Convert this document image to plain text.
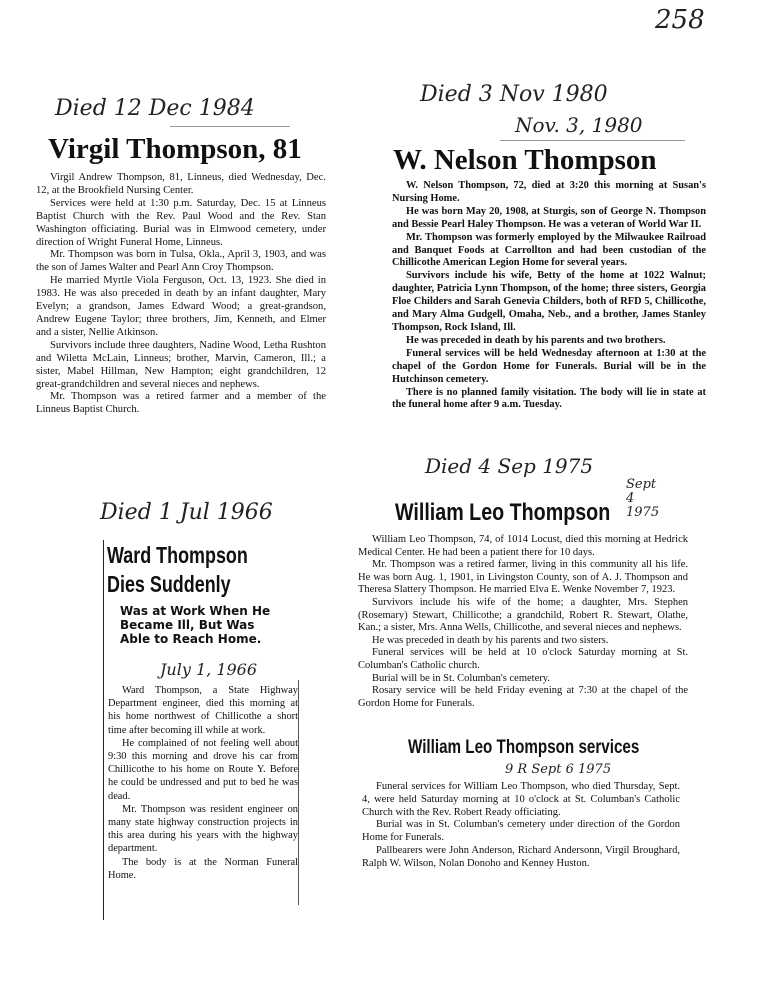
258
Died 12 Dec 1984
Virgil Thompson, 81

Virgil Andrew Thompson, 81, Linneus, died Wednesday, Dec. 12, at the Brookfield Nursing Center.

Services were held at 1:30 p.m. Saturday, Dec. 15 at Linneus Baptist Church with the Rev. Paul Wood and the Rev. Stan Washington officiating. Burial was in Elmwood cemetery, under direction of Wright Funeral Home, Linneus.

Mr. Thompson was born in Tulsa, Okla., April 3, 1903, and was the son of James Walter and Pearl Ann Croy Thompson.

He married Myrtle Viola Ferguson, Oct. 13, 1923. She died in 1983. He was also preceded in death by an infant daughter, Mary Evelyn; a grandson, James Edward Wood; a great-grandson, Andrew Eugene Taylor; three brothers, Jim, Kenneth, and Elmer and a sister, Nellie Atkinson.

Survivors include three daughters, Nadine Wood, Letha Rushton and Wiletta McLain, Linneus; brother, Marvin, Cameron, Ill.; a sister, Mabel Hillman, New Hampton; eight grandchildren, 12 great-grandchildren and several nieces and nephews.

Mr. Thompson was a retired farmer and a member of the Linneus Baptist Church.

Died 3 Nov 1980
Nov. 3, 1980
W. Nelson Thompson

W. Nelson Thompson, 72, died at 3:20 this morning at Susan's Nursing Home.

He was born May 20, 1908, at Sturgis, son of George N. Thompson and Bessie Pearl Haley Thompson. He was a veteran of World War II.

Mr. Thompson was formerly employed by the Milwaukee Railroad and Banquet Foods at Carrollton and had been custodian of the Chillicothe American Legion Home for several years.

Survivors include his wife, Betty of the home at 1022 Walnut; daughter, Patricia Lynn Thompson, of the home; three sisters, Georgia Floe Childers and Sarah Genevia Childers, both of RFD 5, Chillicothe, and Mary Alma Gudgell, Omaha, Neb., and a brother, James Stanley Thompson, Rock Island, Ill.

He was preceded in death by his parents and two brothers.

Funeral services will be held Wednesday afternoon at 1:30 at the chapel of the Gordon Home for Funerals. Burial will be in the Hutchinson cemetery.

There is no planned family visitation. The body will lie in state at the funeral home after 9 a.m. Tuesday.

Died 1 Jul 1966
Ward Thompson
Dies Suddenly
Was at Work When He Became Ill, But Was Able to Reach Home.
July 1, 1966

Ward Thompson, a State Highway Department engineer, died this morning at his home northwest of Chillicothe a short time after becoming ill while at work.

He complained of not feeling well about 9:30 this morning and drove his car from Chillicothe to his home on Route Y. Before he could be undressed and put to bed he was dead.

Mr. Thompson was resident engineer on many state highway construction projects in this area during his years with the highway department.

The body is at the Norman Funeral Home.

Died 4 Sep 1975
William Leo Thompson
Sept 4 1975

William Leo Thompson, 74, of 1014 Locust, died this morning at Hedrick Medical Center. He had been a patient there for 10 days.

Mr. Thompson was a retired farmer, living in this community all his life. He was born Aug. 1, 1901, in Livingston County, son of A. J. Thompson and Theresa Slattery Thompson. He married Elva E. Wenke November 7, 1923.

Survivors include his wife of the home; a daughter, Mrs. Stephen (Rosemary) Stewart, Chillicothe; a grandchild, Robert R. Stewart, Olathe, Kan.; a sister, Mrs. Anna Wells, Chillicothe, and several nieces and nephews.

He was preceded in death by his parents and two sisters.

Funeral services will be held at 10 o'clock Saturday morning at St. Columban's Catholic church.

Burial will be in St. Columban's cemetery.

Rosary service will be held Friday evening at 7:30 at the chapel of the Gordon Home for Funerals.

William Leo Thompson services
9 R Sept 6 1975

Funeral services for William Leo Thompson, who died Thursday, Sept. 4, were held Saturday morning at 10 o'clock at St. Columban's Catholic Church with the Rev. Robert Ready officiating.

Burial was in St. Columban's cemetery under direction of the Gordon Home for Funerals.

Pallbearers were John Anderson, Richard Andersonn, Virgil Broughard, Ralph W. Wilson, Nolan Donoho and Kenney Huston.
